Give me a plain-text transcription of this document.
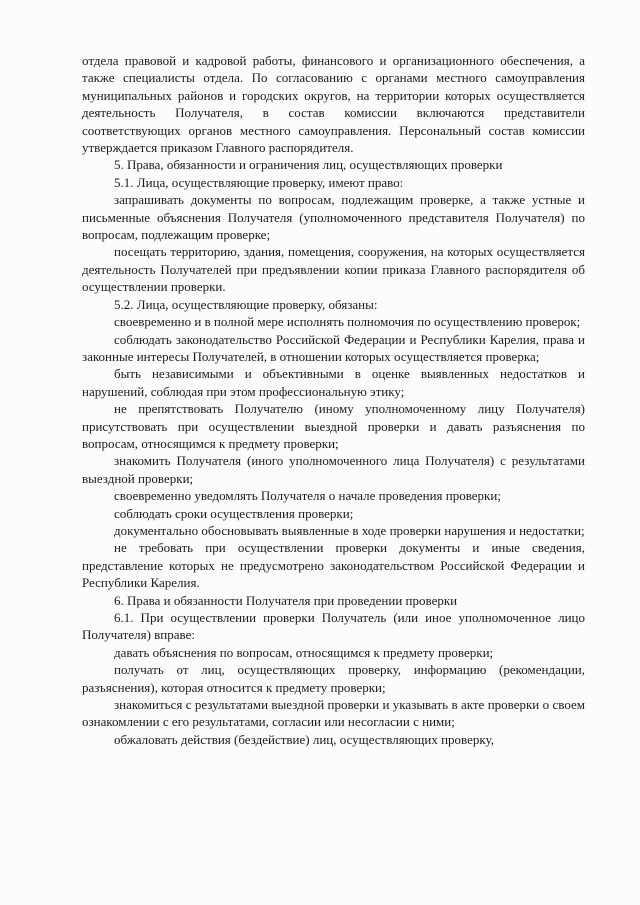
отдела правовой и кадровой работы, финансового и организационного обеспечения, а также специалисты отдела. По согласованию с органами местного самоуправления муниципальных районов и городских округов, на территории которых осуществляется деятельность Получателя, в состав комиссии включаются представители соответствующих органов местного самоуправления. Персональный состав комиссии утверждается приказом Главного распорядителя.

5. Права, обязанности и ограничения лиц, осуществляющих проверки

5.1. Лица, осуществляющие проверку, имеют право:

запрашивать документы по вопросам, подлежащим проверке, а также устные и письменные объяснения Получателя (уполномоченного представителя Получателя) по вопросам, подлежащим проверке;

посещать территорию, здания, помещения, сооружения, на которых осуществляется деятельность Получателей при предъявлении копии приказа Главного распорядителя об осуществлении проверки.

5.2. Лица, осуществляющие проверку, обязаны:

своевременно и в полной мере исполнять полномочия по осуществлению проверок;

соблюдать законодательство Российской Федерации и Республики Карелия, права и законные интересы Получателей, в отношении которых осуществляется проверка;

быть независимыми и объективными в оценке выявленных недостатков и нарушений, соблюдая при этом профессиональную этику;

не препятствовать Получателю (иному уполномоченному лицу Получателя) присутствовать при осуществлении выездной проверки и давать разъяснения по вопросам, относящимся к предмету проверки;

знакомить Получателя (иного уполномоченного лица Получателя) с результатами выездной проверки;

своевременно уведомлять Получателя о начале проведения проверки;

соблюдать сроки осуществления проверки;

документально обосновывать выявленные в ходе проверки нарушения и недостатки;

не требовать при осуществлении проверки документы и иные сведения, представление которых не предусмотрено законодательством Российской Федерации и Республики Карелия.

6. Права и обязанности Получателя при проведении проверки

6.1. При осуществлении проверки Получатель (или иное уполномоченное лицо Получателя) вправе:

давать объяснения по вопросам, относящимся к предмету проверки;

получать от лиц, осуществляющих проверку, информацию (рекомендации, разъяснения), которая относится к предмету проверки;

знакомиться с результатами выездной проверки и указывать в акте проверки о своем ознакомлении с его результатами, согласии или несогласии с ними;

обжаловать действия (бездействие) лиц, осуществляющих проверку,
